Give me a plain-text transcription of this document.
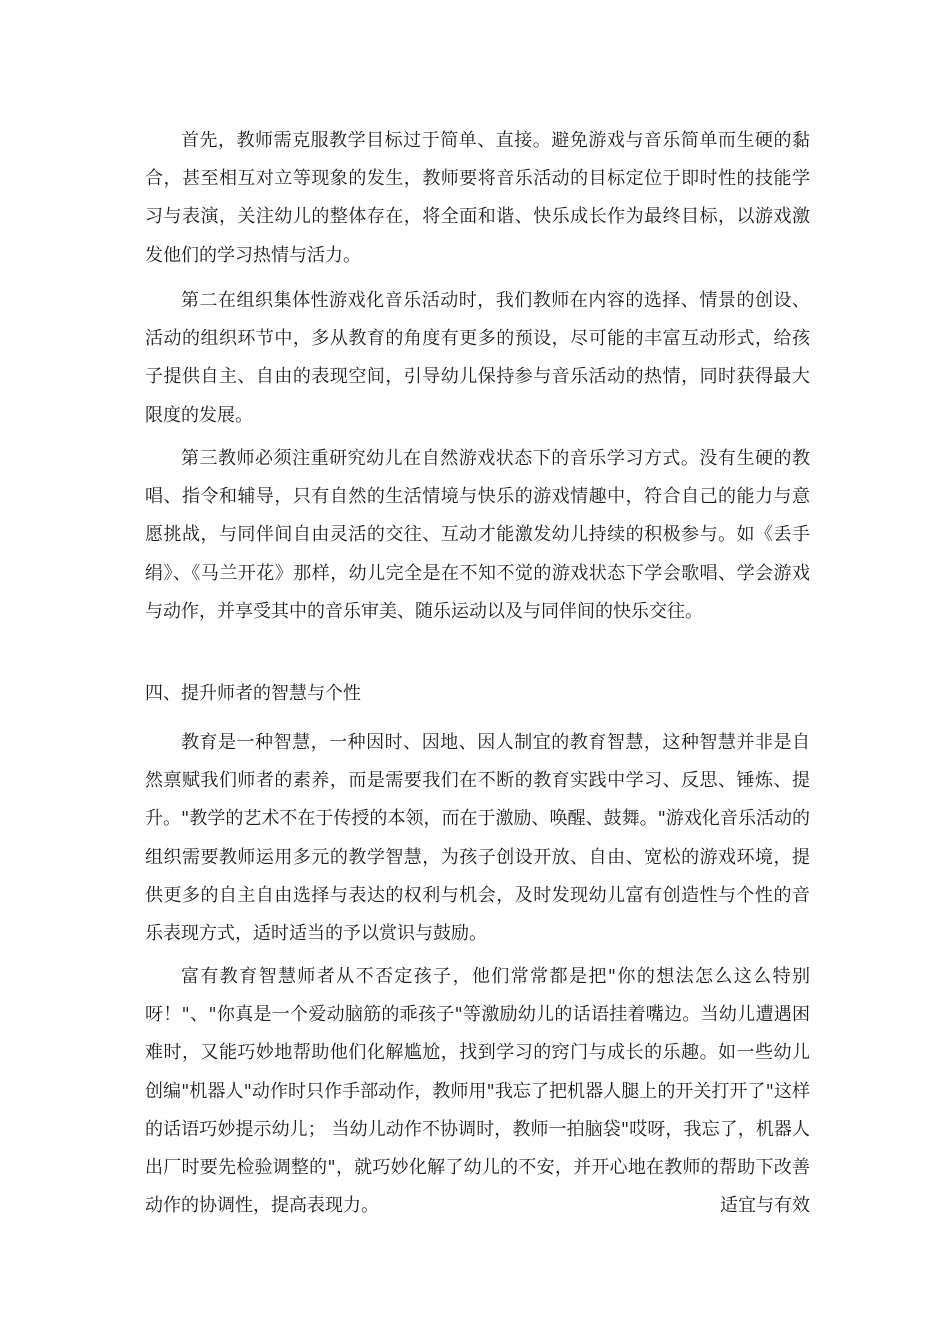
首先，教师需克服教学目标过于简单、直接。避免游戏与音乐简单而生硬的黏合，甚至相互对立等现象的发生，教师要将音乐活动的目标定位于即时性的技能学习与表演，关注幼儿的整体存在，将全面和谐、快乐成长作为最终目标，以游戏激发他们的学习热情与活力。

第二在组织集体性游戏化音乐活动时，我们教师在内容的选择、情景的创设、活动的组织环节中，多从教育的角度有更多的预设，尽可能的丰富互动形式，给孩子提供自主、自由的表现空间，引导幼儿保持参与音乐活动的热情，同时获得最大限度的发展。

第三教师必须注重研究幼儿在自然游戏状态下的音乐学习方式。没有生硬的教唱、指令和辅导，只有自然的生活情境与快乐的游戏情趣中，符合自己的能力与意愿挑战，与同伴间自由灵活的交往、互动才能激发幼儿持续的积极参与。如《丢手绢》、《马兰开花》那样，幼儿完全是在不知不觉的游戏状态下学会歌唱、学会游戏与动作，并享受其中的音乐审美、随乐运动以及与同伴间的快乐交往。

四、提升师者的智慧与个性

教育是一种智慧，一种因时、因地、因人制宜的教育智慧，这种智慧并非是自然禀赋我们师者的素养，而是需要我们在不断的教育实践中学习、反思、锤炼、提升。"教学的艺术不在于传授的本领，而在于激励、唤醒、鼓舞。"游戏化音乐活动的组织需要教师运用多元的教学智慧，为孩子创设开放、自由、宽松的游戏环境，提供更多的自主自由选择与表达的权利与机会，及时发现幼儿富有创造性与个性的音乐表现方式，适时适当的予以赏识与鼓励。

富有教育智慧师者从不否定孩子，他们常常都是把"你的想法怎么这么特别呀！"、"你真是一个爱动脑筋的乖孩子"等激励幼儿的话语挂着嘴边。当幼儿遭遇困难时，又能巧妙地帮助他们化解尴尬，找到学习的窍门与成长的乐趣。如一些幼儿创编"机器人"动作时只作手部动作，教师用"我忘了把机器人腿上的开关打开了"这样的话语巧妙提示幼儿； 当幼儿动作不协调时，教师一拍脑袋"哎呀，我忘了，机器人出厂时要先检验调整的"，就巧妙化解了幼儿的不安，并开心地在教师的帮助下改善动作的协调性，提高表现力。	适宜与有效
